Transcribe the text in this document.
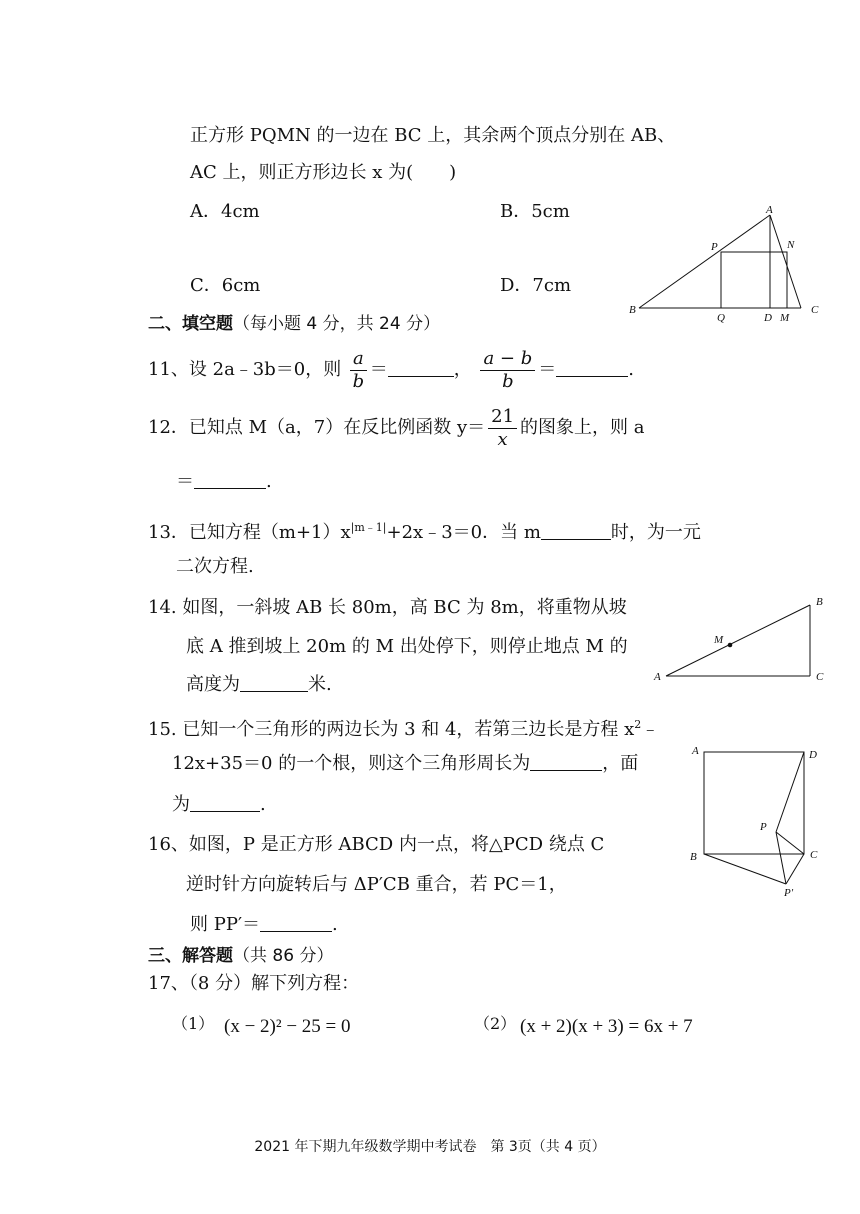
正方形 PQMN 的一边在 BC 上，其余两个顶点分别在 AB、
AC 上，则正方形边长 x 为(　　)
A．4cm	B．5cm
C．6cm	D．7cm
A
P	N
B
Q	D M
C
二、填空题（每小题 4 分，共 24 分）
11、设 2a﹣3b＝0，则 $\frac{a}{b}$ ＝	， $\frac{a - b}{b}$ ＝	.
12．已知点 M（a，7）在反比例函数 $y= \frac{21}{x}$ 的图象上，则 a
＝	.
13．已知方程$(m+1)x^{|m﹣1|}+2x﹣3=0$．当 m	时，为一元
二次方程.
14. 如图，一斜坡 AB 长 80m，高 BC 为 8m，将重物从坡
底 A 推到坡上 20m 的 M 出处停下，则停止地点 M 的
高度为	米.
B
M
A	C
15. 已知一个三角形的两边长为 3 和 4，若第三边长是方程 $x^2﹣$
12x+35＝0 的一个根，则这个三角形周长为	，面
为	.
16、如图，P 是正方形 ABCD 内一点，将△PCD 绕点 C
逆时针方向旋转后与 ΔP′CB 重合，若 PC＝1，
则 PP′＝	.
A	D
P
B	C
P′
三、解答题（共 86 分）
17、（8 分）解下列方程：
（1） (x − 2)² − 25 = 0	（2） (x + 2)(x + 3) = 6x + 7
2021 年下期九年级数学期中考试卷　第 3页（共 4 页）
